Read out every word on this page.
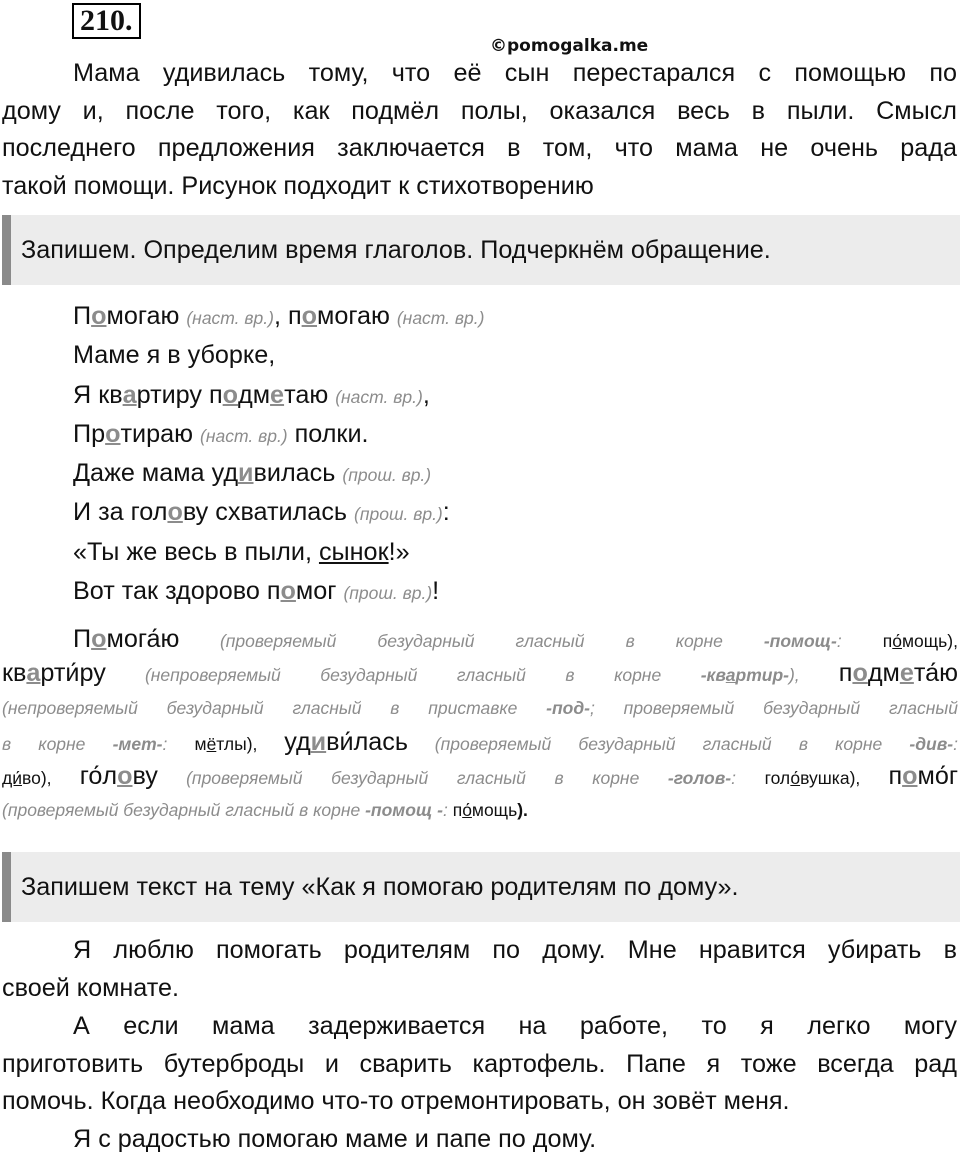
210.
©pomogalka.me
Мама удивилась тому, что её сын перестарался с помощью по
дому и, после того, как подмёл полы, оказался весь в пыли. Смысл
последнего предложения заключается в том, что мама не очень рада
такой помощи. Рисунок подходит к стихотворению
Запишем. Определим время глаголов. Подчеркнём обращение.
Помогаю (наст. вр.), помогаю (наст. вр.)
Маме я в уборке,
Я квартиру подметаю (наст. вр.),
Протираю (наст. вр.) полки.
Даже мама удивилась (прош. вр.)
И за голову схватилась (прош. вр.):
«Ты же весь в пыли, сынок!»
Вот так здорово помог (прош. вр.)!
Помога́ю (проверяемый безударный гласный в корне -помощ-: по́мощь),
кварти́ру (непроверяемый безударный гласный в корне -квартир-), подмета́ю
(непроверяемый безударный гласный в приставке -под-; проверяемый безударный гласный
в корне -мет-: мётлы), удиви́лась (проверяемый безударный гласный в корне -див-:
ди́во), го́лову (проверяемый безударный гласный в корне -голов-: голо́вушка), помо́г
(проверяемый безударный гласный в корне -помощ -: по́мощь).
Запишем текст на тему «Как я помогаю родителям по дому».
Я люблю помогать родителям по дому. Мне нравится убирать в
своей комнате.
А если мама задерживается на работе, то я легко могу
приготовить бутерброды и сварить картофель. Папе я тоже всегда рад
помочь. Когда необходимо что-то отремонтировать, он зовёт меня.
Я с радостью помогаю маме и папе по дому.
